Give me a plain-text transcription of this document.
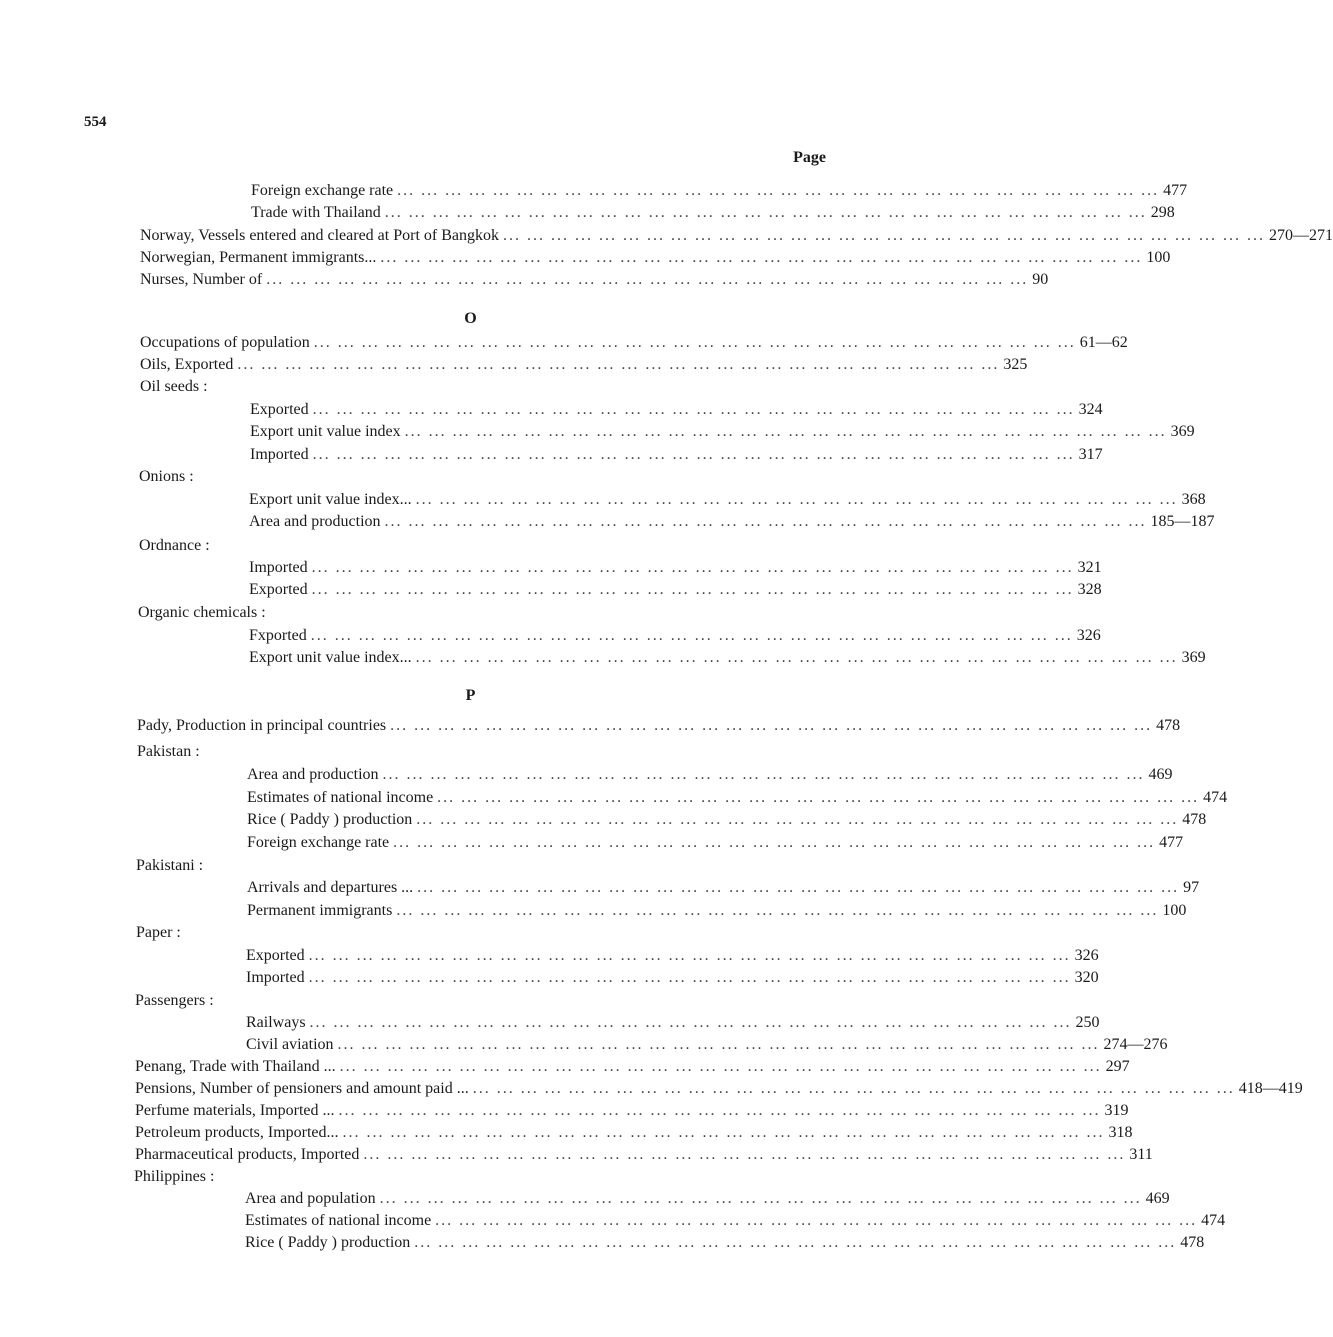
554
Page
Foreign exchange rate ... ... ... ... ... ... ... ... ... ... ... ... ... ... ... ... ... ... ... ... ... ... ... ... ... ... ... ... ... ... ... ... 477
Trade with Thailand ... ... ... ... ... ... ... ... ... ... ... ... ... ... ... ... ... ... ... ... ... ... ... ... ... ... ... ... ... ... ... ... 298
Norway, Vessels entered and cleared at Port of Bangkok ... ... ... ... ... ... ... ... ... ... ... ... ... ... ... ... ... ... ... ... ... ... ... ... ... ... ... ... ... ... ... ... 270—271
Norwegian, Permanent immigrants... ... ... ... ... ... ... ... ... ... ... ... ... ... ... ... ... ... ... ... ... ... ... ... ... ... ... ... ... ... ... ... ... 100
Nurses, Number of ... ... ... ... ... ... ... ... ... ... ... ... ... ... ... ... ... ... ... ... ... ... ... ... ... ... ... ... ... ... ... ... 90
O
Occupations of population ... ... ... ... ... ... ... ... ... ... ... ... ... ... ... ... ... ... ... ... ... ... ... ... ... ... ... ... ... ... ... ... 61—62
Oils, Exported ... ... ... ... ... ... ... ... ... ... ... ... ... ... ... ... ... ... ... ... ... ... ... ... ... ... ... ... ... ... ... ... 325
Oil seeds :
Exported ... ... ... ... ... ... ... ... ... ... ... ... ... ... ... ... ... ... ... ... ... ... ... ... ... ... ... ... ... ... ... ... 324
Export unit value index ... ... ... ... ... ... ... ... ... ... ... ... ... ... ... ... ... ... ... ... ... ... ... ... ... ... ... ... ... ... ... ... 369
Imported ... ... ... ... ... ... ... ... ... ... ... ... ... ... ... ... ... ... ... ... ... ... ... ... ... ... ... ... ... ... ... ... 317
Onions :
Export unit value index... ... ... ... ... ... ... ... ... ... ... ... ... ... ... ... ... ... ... ... ... ... ... ... ... ... ... ... ... ... ... ... ... 368
Area and production ... ... ... ... ... ... ... ... ... ... ... ... ... ... ... ... ... ... ... ... ... ... ... ... ... ... ... ... ... ... ... ... 185—187
Ordnance :
Imported ... ... ... ... ... ... ... ... ... ... ... ... ... ... ... ... ... ... ... ... ... ... ... ... ... ... ... ... ... ... ... ... 321
Exported ... ... ... ... ... ... ... ... ... ... ... ... ... ... ... ... ... ... ... ... ... ... ... ... ... ... ... ... ... ... ... ... 328
Organic chemicals :
Fxported ... ... ... ... ... ... ... ... ... ... ... ... ... ... ... ... ... ... ... ... ... ... ... ... ... ... ... ... ... ... ... ... 326
Export unit value index... ... ... ... ... ... ... ... ... ... ... ... ... ... ... ... ... ... ... ... ... ... ... ... ... ... ... ... ... ... ... ... ... 369
P
Pady, Production in principal countries ... ... ... ... ... ... ... ... ... ... ... ... ... ... ... ... ... ... ... ... ... ... ... ... ... ... ... ... ... ... ... ... 478
Pakistan :
Area and production ... ... ... ... ... ... ... ... ... ... ... ... ... ... ... ... ... ... ... ... ... ... ... ... ... ... ... ... ... ... ... ... 469
Estimates of national income ... ... ... ... ... ... ... ... ... ... ... ... ... ... ... ... ... ... ... ... ... ... ... ... ... ... ... ... ... ... ... ... 474
Rice ( Paddy ) production ... ... ... ... ... ... ... ... ... ... ... ... ... ... ... ... ... ... ... ... ... ... ... ... ... ... ... ... ... ... ... ... 478
Foreign exchange rate ... ... ... ... ... ... ... ... ... ... ... ... ... ... ... ... ... ... ... ... ... ... ... ... ... ... ... ... ... ... ... ... 477
Pakistani :
Arrivals and departures ... ... ... ... ... ... ... ... ... ... ... ... ... ... ... ... ... ... ... ... ... ... ... ... ... ... ... ... ... ... ... ... ... 97
Permanent immigrants ... ... ... ... ... ... ... ... ... ... ... ... ... ... ... ... ... ... ... ... ... ... ... ... ... ... ... ... ... ... ... ... 100
Paper :
Exported ... ... ... ... ... ... ... ... ... ... ... ... ... ... ... ... ... ... ... ... ... ... ... ... ... ... ... ... ... ... ... ... 326
Imported ... ... ... ... ... ... ... ... ... ... ... ... ... ... ... ... ... ... ... ... ... ... ... ... ... ... ... ... ... ... ... ... 320
Passengers :
Railways ... ... ... ... ... ... ... ... ... ... ... ... ... ... ... ... ... ... ... ... ... ... ... ... ... ... ... ... ... ... ... ... 250
Civil aviation ... ... ... ... ... ... ... ... ... ... ... ... ... ... ... ... ... ... ... ... ... ... ... ... ... ... ... ... ... ... ... ... 274—276
Penang, Trade with Thailand ... ... ... ... ... ... ... ... ... ... ... ... ... ... ... ... ... ... ... ... ... ... ... ... ... ... ... ... ... ... ... ... ... 297
Pensions, Number of pensioners and amount paid ... ... ... ... ... ... ... ... ... ... ... ... ... ... ... ... ... ... ... ... ... ... ... ... ... ... ... ... ... ... ... ... ... 418—419
Perfume materials, Imported ... ... ... ... ... ... ... ... ... ... ... ... ... ... ... ... ... ... ... ... ... ... ... ... ... ... ... ... ... ... ... ... ... 319
Petroleum products, Imported... ... ... ... ... ... ... ... ... ... ... ... ... ... ... ... ... ... ... ... ... ... ... ... ... ... ... ... ... ... ... ... ... 318
Pharmaceutical products, Imported ... ... ... ... ... ... ... ... ... ... ... ... ... ... ... ... ... ... ... ... ... ... ... ... ... ... ... ... ... ... ... ... 311
Philippines :
Area and population ... ... ... ... ... ... ... ... ... ... ... ... ... ... ... ... ... ... ... ... ... ... ... ... ... ... ... ... ... ... ... ... 469
Estimates of national income ... ... ... ... ... ... ... ... ... ... ... ... ... ... ... ... ... ... ... ... ... ... ... ... ... ... ... ... ... ... ... ... 474
Rice ( Paddy ) production ... ... ... ... ... ... ... ... ... ... ... ... ... ... ... ... ... ... ... ... ... ... ... ... ... ... ... ... ... ... ... ... 478
